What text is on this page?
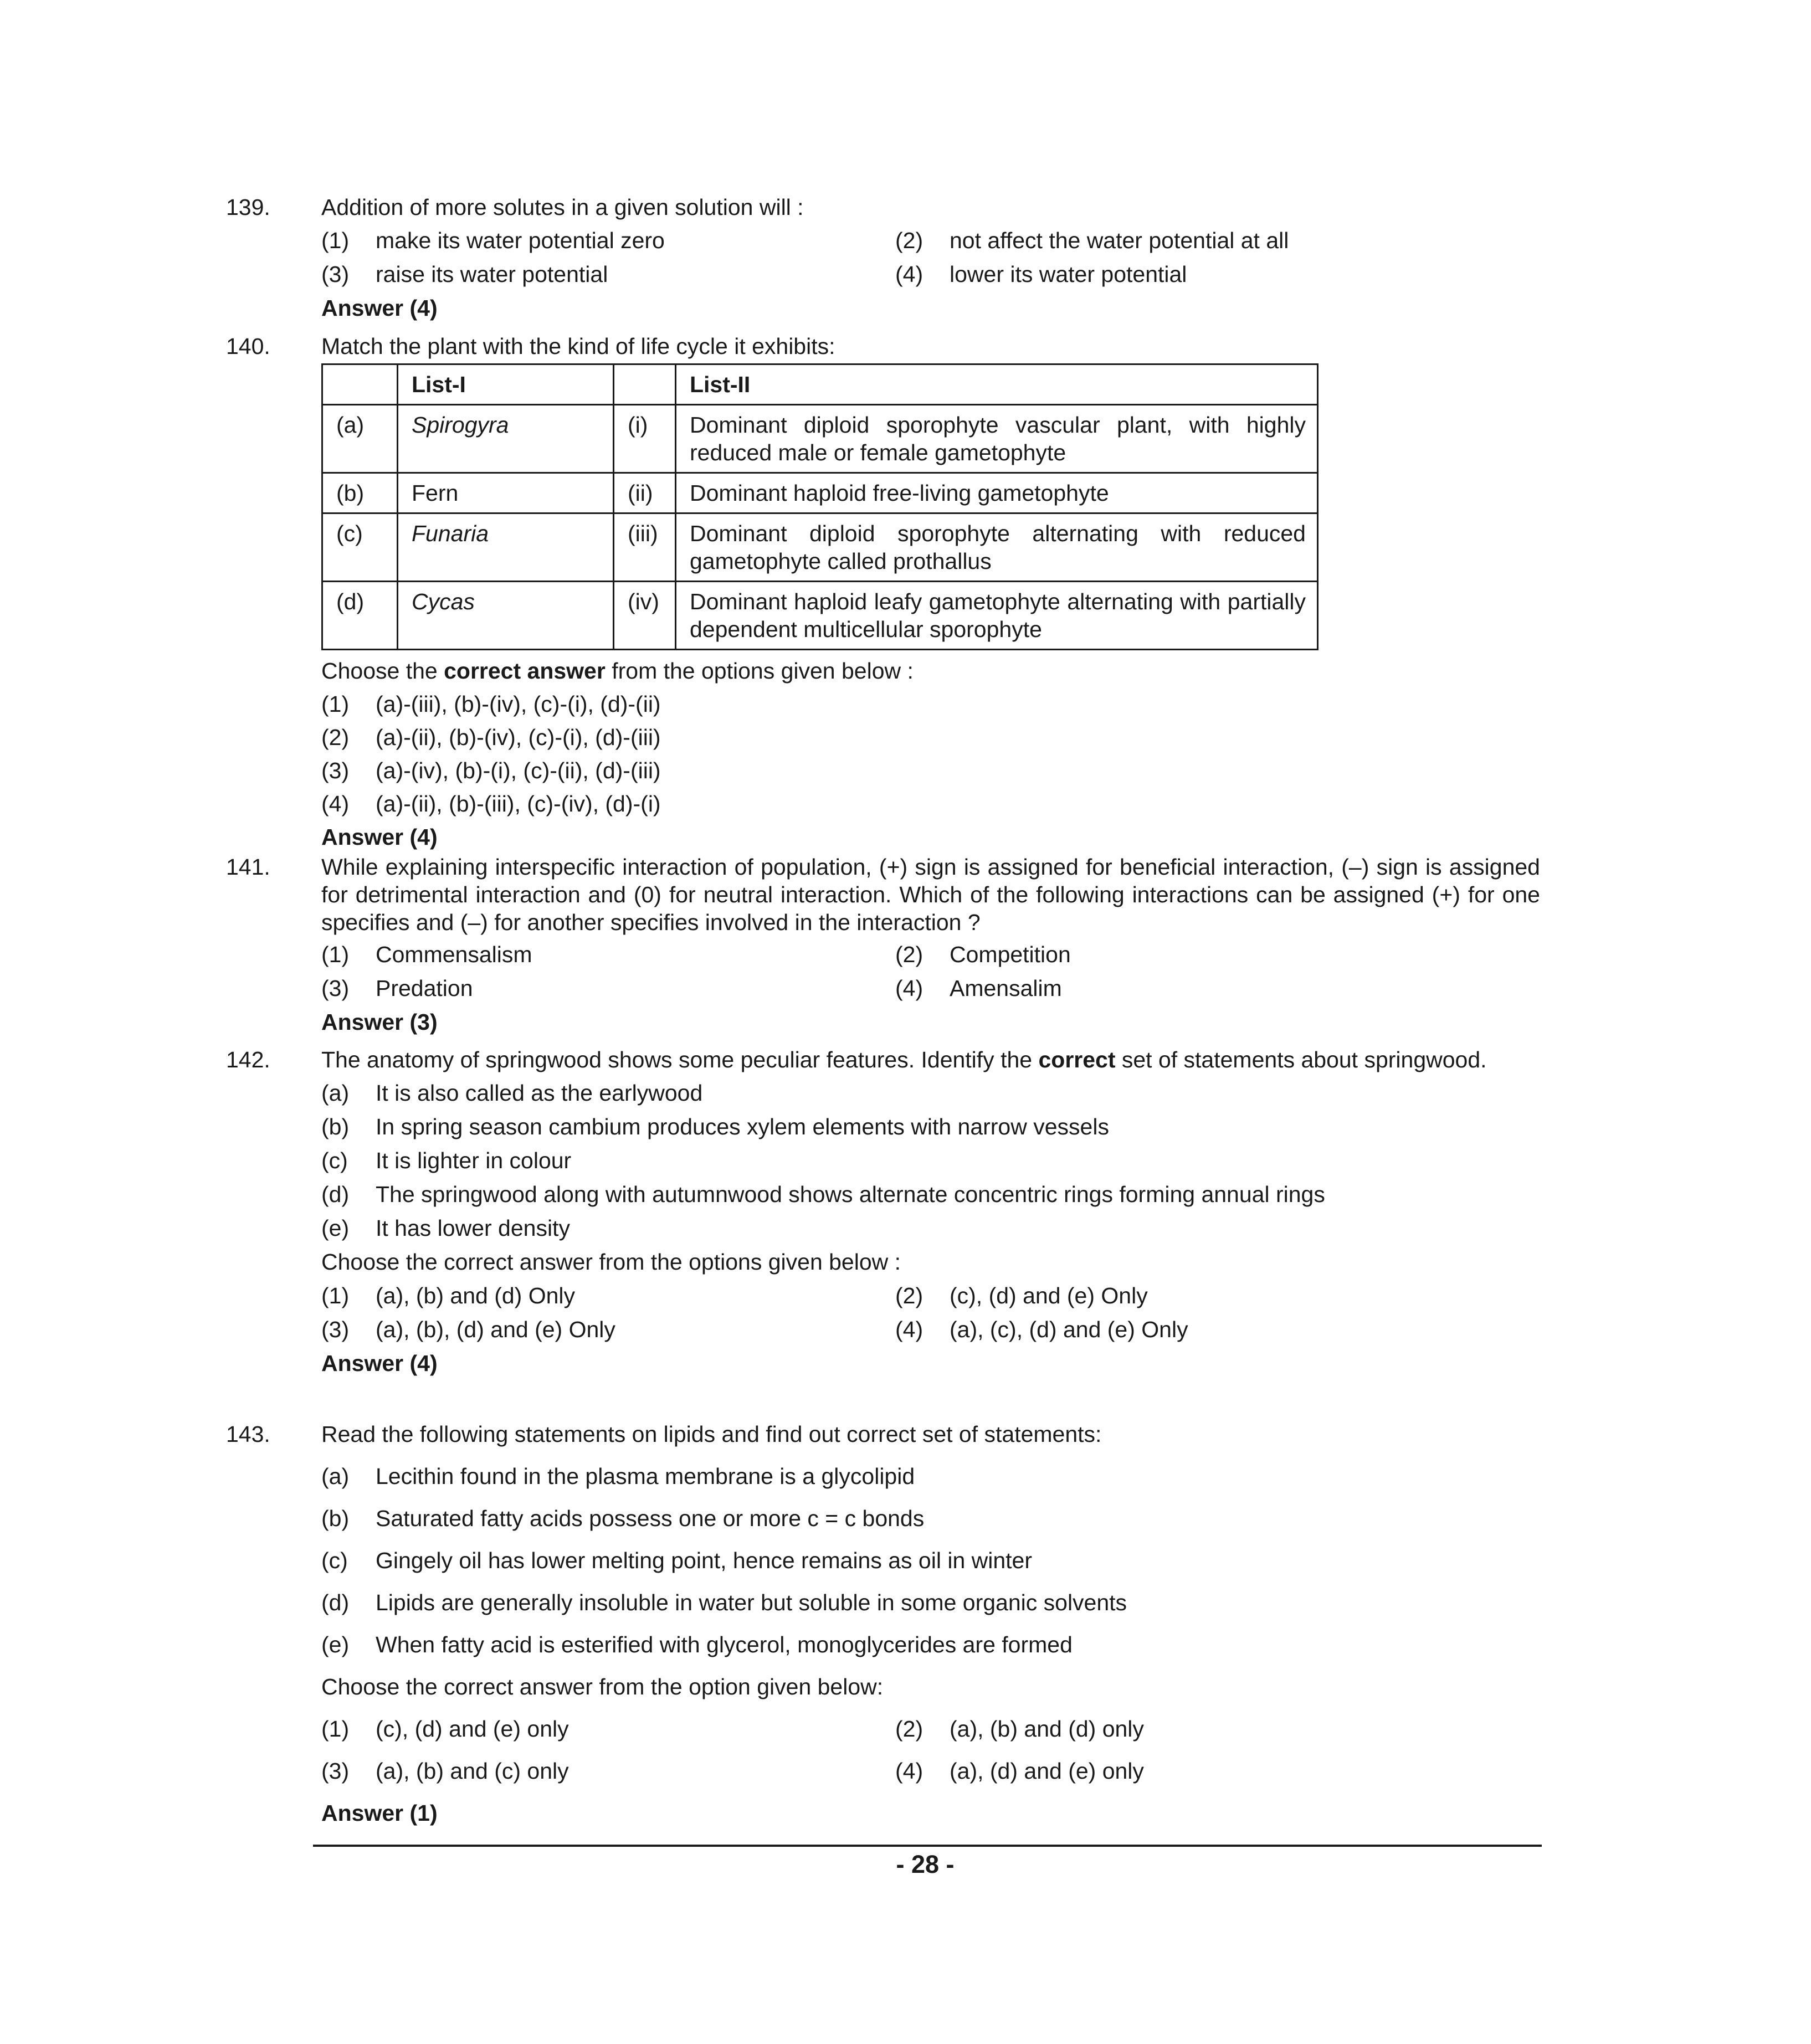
139. Addition of more solutes in a given solution will :

(1) make its water potential zero	(2) not affect the water potential at all
(3) raise its water potential	(4) lower its water potential
Answer (4)
140. Match the plant with the kind of life cycle it exhibits:

	List-I		List-II
(a)	Spirogyra	(i)	Dominant diploid sporophyte vascular plant, with highly reduced male or female gametophyte
(b)	Fern	(ii)	Dominant haploid free-living gametophyte
(c)	Funaria	(iii)	Dominant diploid sporophyte alternating with reduced gametophyte called prothallus
(d)	Cycas	(iv)	Dominant haploid leafy gametophyte alternating with partially dependent multicellular sporophyte

Choose the correct answer from the options given below :

(1) (a)-(iii), (b)-(iv), (c)-(i), (d)-(ii)
(2) (a)-(ii), (b)-(iv), (c)-(i), (d)-(iii)
(3) (a)-(iv), (b)-(i), (c)-(ii), (d)-(iii)
(4) (a)-(ii), (b)-(iii), (c)-(iv), (d)-(i)
Answer (4)
141. While explaining interspecific interaction of population, (+) sign is assigned for beneficial interaction, (–) sign is assigned for detrimental interaction and (0) for neutral interaction. Which of the following interactions can be assigned (+) for one specifies and (–) for another specifies involved in the interaction ?

(1) Commensalism	(2) Competition
(3) Predation	(4) Amensalim
Answer (3)
142. The anatomy of springwood shows some peculiar features. Identify the correct set of statements about springwood.

(a) It is also called as the earlywood
(b) In spring season cambium produces xylem elements with narrow vessels
(c) It is lighter in colour
(d) The springwood along with autumnwood shows alternate concentric rings forming annual rings
(e) It has lower density

Choose the correct answer from the options given below :

(1) (a), (b) and (d) Only	(2) (c), (d) and (e) Only
(3) (a), (b), (d) and (e) Only	(4) (a), (c), (d) and (e) Only
Answer (4)
143. Read the following statements on lipids and find out correct set of statements:

(a) Lecithin found in the plasma membrane is a glycolipid
(b) Saturated fatty acids possess one or more c = c bonds
(c) Gingely oil has lower melting point, hence remains as oil in winter
(d) Lipids are generally insoluble in water but soluble in some organic solvents
(e) When fatty acid is esterified with glycerol, monoglycerides are formed

Choose the correct answer from the option given below:

(1) (c), (d) and (e) only	(2) (a), (b) and (d) only
(3) (a), (b) and (c) only	(4) (a), (d) and (e) only
Answer (1)
- 28 -
